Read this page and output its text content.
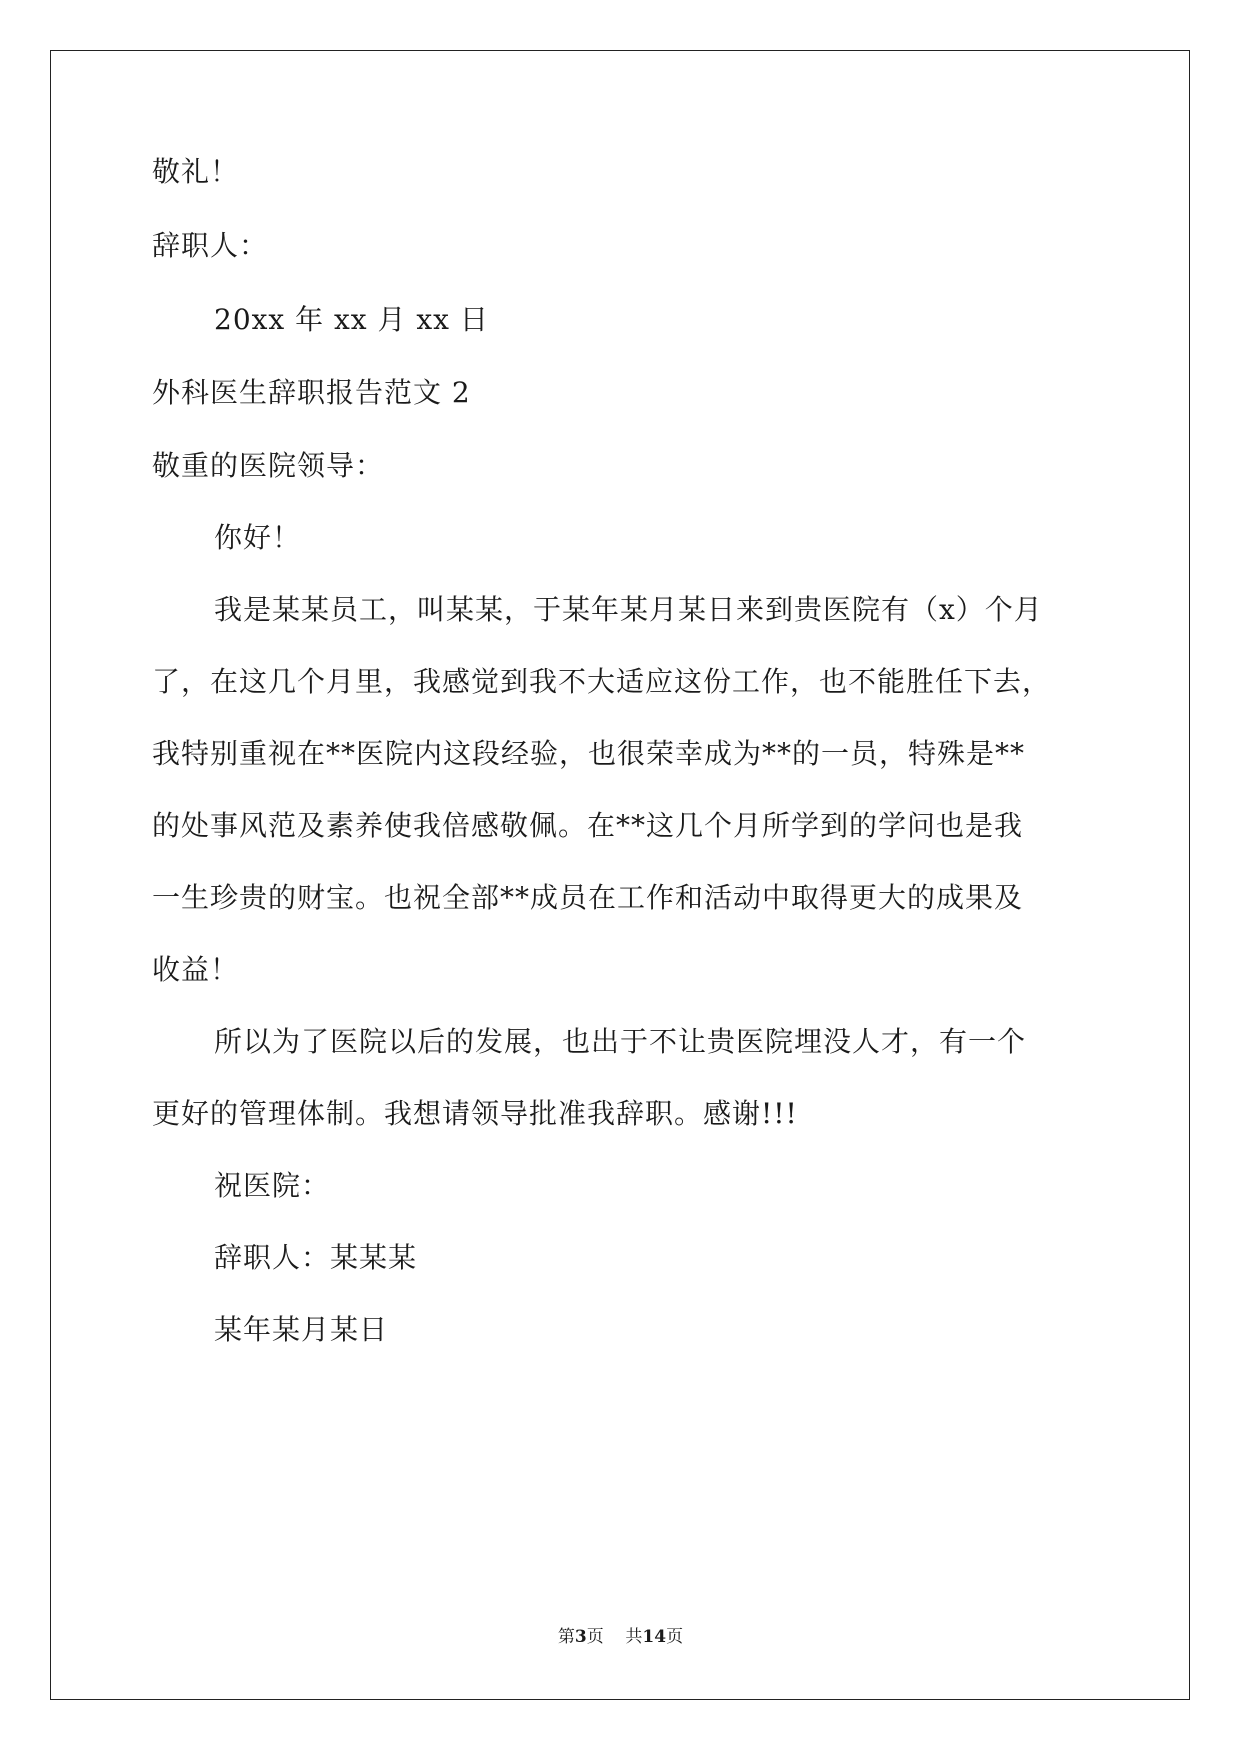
敬礼！
辞职人：
20xx 年 xx 月 xx 日
外科医生辞职报告范文 2
敬重的医院领导：
你好！
我是某某员工，叫某某，于某年某月某日来到贵医院有（x）个月
了，在这几个月里，我感觉到我不大适应这份工作，也不能胜任下去，
我特别重视在**医院内这段经验，也很荣幸成为**的一员，特殊是**
的处事风范及素养使我倍感敬佩。在**这几个月所学到的学问也是我
一生珍贵的财宝。也祝全部**成员在工作和活动中取得更大的成果及
收益！
所以为了医院以后的发展，也出于不让贵医院埋没人才，有一个
更好的管理体制。我想请领导批准我辞职。感谢!!!
祝医院：
辞职人：某某某
某年某月某日
第3页 共14页
